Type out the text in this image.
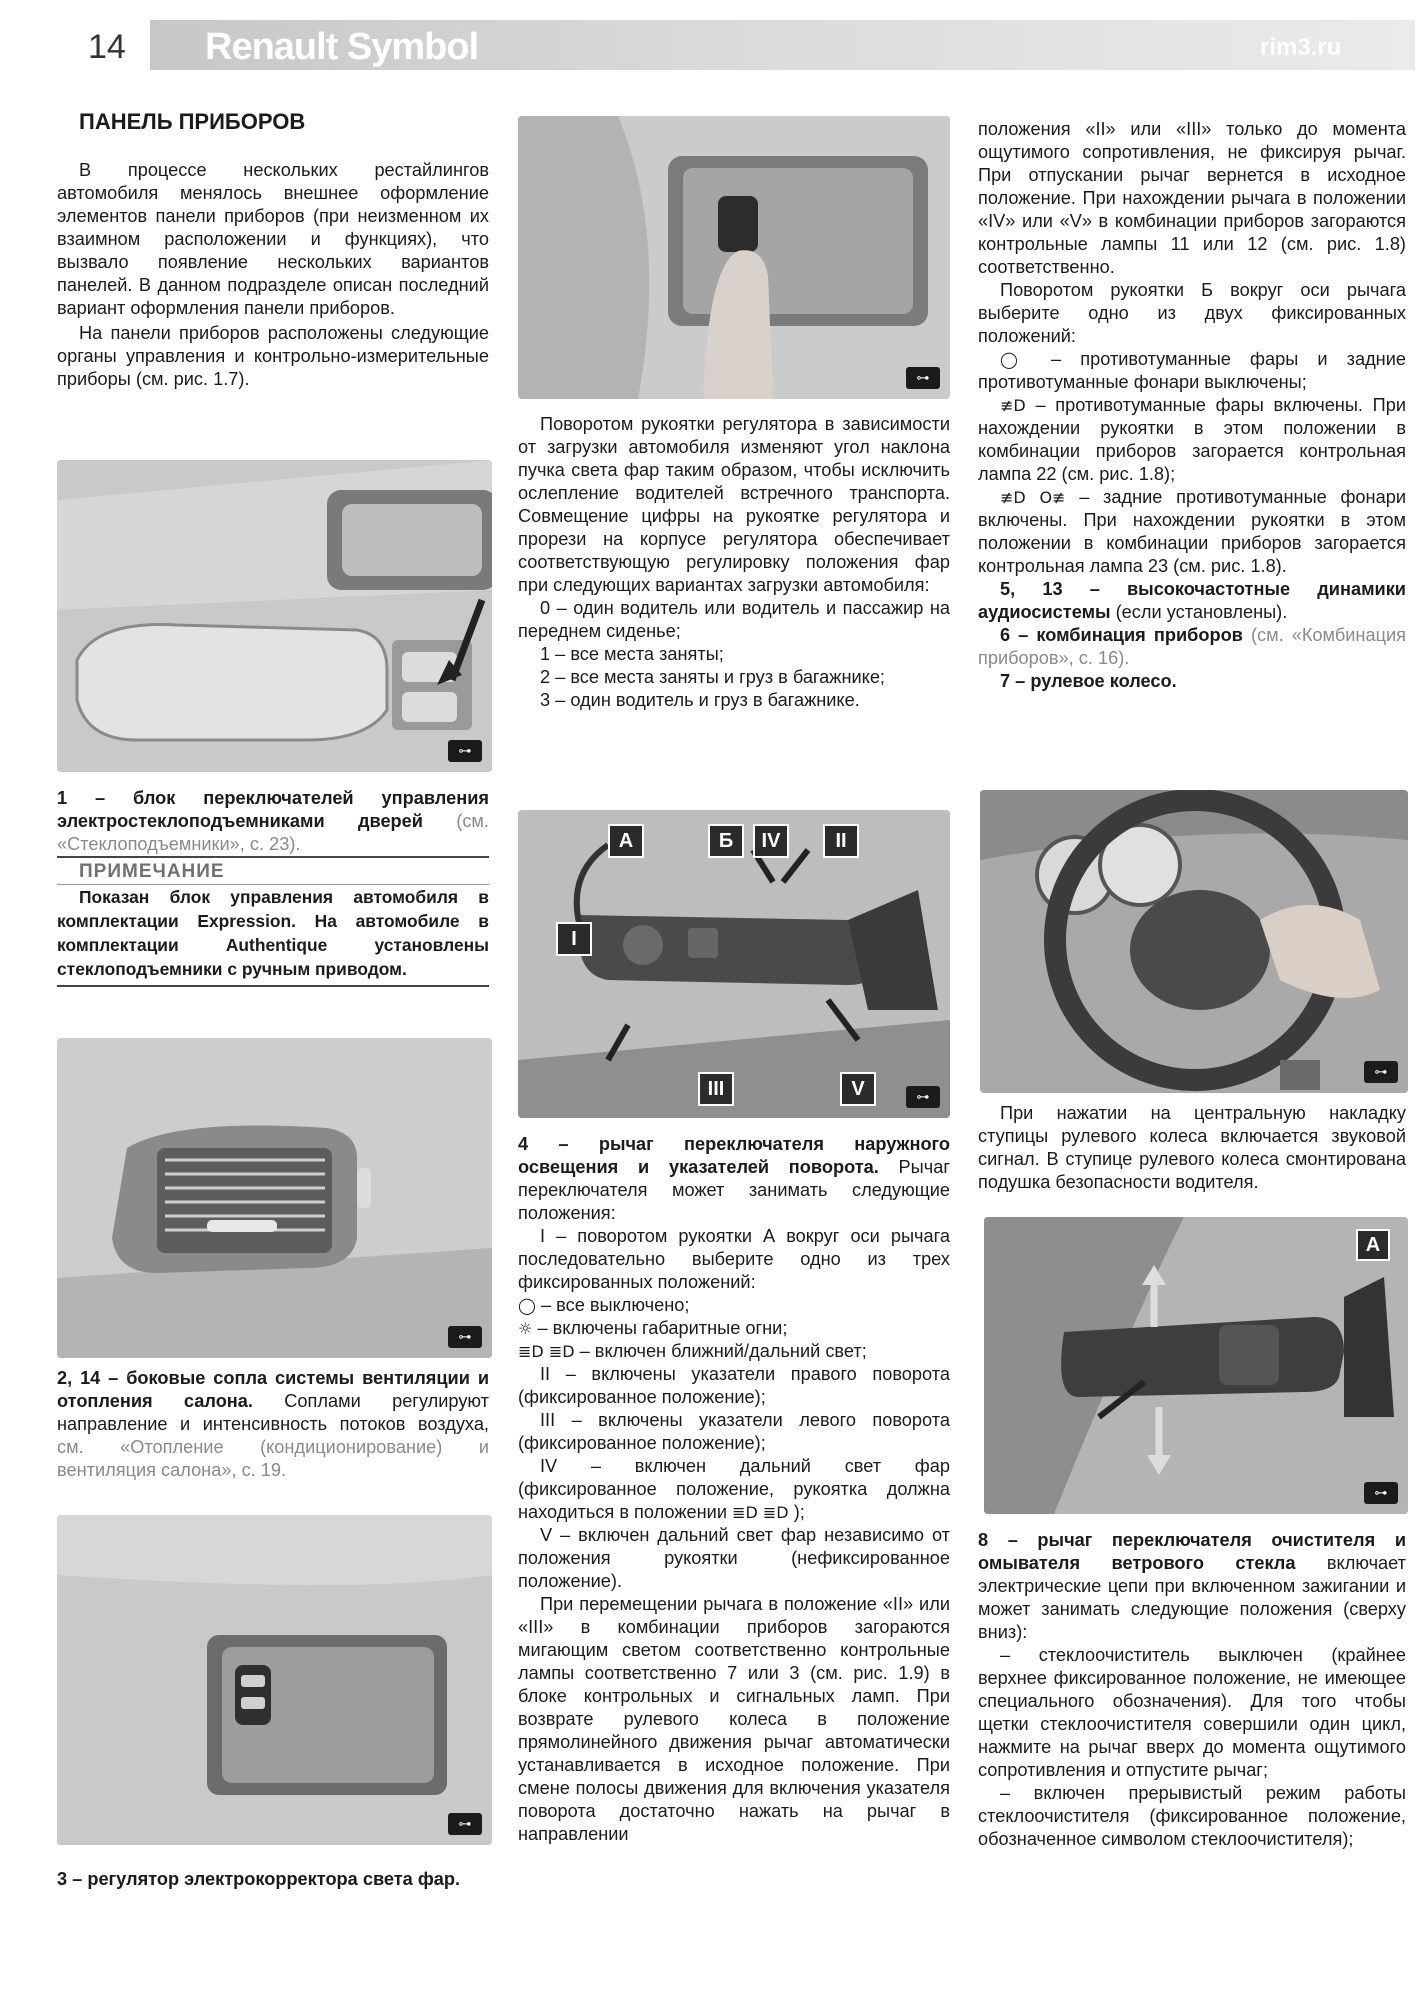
14 Renault Symbol	rim3.ru

ПАНЕЛЬ ПРИБОРОВ

В процессе нескольких рестайлингов автомобиля менялось внешнее оформление элементов панели приборов (при неизменном их взаимном расположении и функциях), что вызвало появление нескольких вариантов панелей. В данном подразделе описан последний вариант оформления панели приборов.

На панели приборов расположены следующие органы управления и контрольно-измерительные приборы (см. рис. 1.7).

⊶

1 – блок переключателей управления электростеклоподъемниками дверей (см. «Стеклоподъемники», с. 23).

ПРИМЕЧАНИЕ

Показан блок управления автомобиля в комплектации Expression. На автомобиле в комплектации Authentique установлены стеклоподъемники с ручным приводом.

⊶

2, 14 – боковые сопла системы вентиляции и отопления салона. Соплами регулируют направление и интенсивность потоков воздуха, см. «Отопление (кондиционирование) и вентиляция салона», с. 19.

⊶

3 – регулятор электрокорректора света фар.

⊶

Поворотом рукоятки регулятора в зависимости от загрузки автомобиля изменяют угол наклона пучка света фар таким образом, чтобы исключить ослепление водителей встречного транспорта. Совмещение цифры на рукоятке регулятора и прорези на корпусе регулятора обеспечивает соответствующую регулировку положения фар при следующих вариантах загрузки автомобиля:

0 – один водитель или водитель и пассажир на переднем сиденье;

1 – все места заняты;

2 – все места заняты и груз в багажнике;

3 – один водитель и груз в багажнике.

А	Б	IV	II
I
III	V	⊶

4 – рычаг переключателя наружного освещения и указателей поворота. Рычаг переключателя может занимать следующие положения:

I – поворотом рукоятки А вокруг оси рычага последовательно выберите одно из трех фиксированных положений:

◯ – все выключено;

☼ – включены габаритные огни;

≣D ≣D – включен ближний/дальний свет;

II – включены указатели правого поворота (фиксированное положение);

III – включены указатели левого поворота (фиксированное положение);

IV – включен дальний свет фар (фиксированное положение, рукоятка должна находиться в положении ≣D ≣D );

V – включен дальний свет фар независимо от положения рукоятки (нефиксированное положение).

При перемещении рычага в положение «II» или «III» в комбинации приборов загораются мигающим светом соответственно контрольные лампы соответственно 7 или 3 (см. рис. 1.9) в блоке контрольных и сигнальных ламп. При возврате рулевого колеса в положение прямолинейного движения рычаг автоматически устанавливается в исходное положение. При смене полосы движения для включения указателя поворота достаточно нажать на рычаг в направлении

положения «II» или «III» только до момента ощутимого сопротивления, не фиксируя рычаг. При отпускании рычаг вернется в исходное положение. При нахождении рычага в положении «IV» или «V» в комбинации приборов загораются контрольные лампы 11 или 12 (см. рис. 1.8) соответственно.

Поворотом рукоятки Б вокруг оси рычага выберите одно из двух фиксированных положений:

◯ – противотуманные фары и задние противотуманные фонари выключены;

≢D – противотуманные фары включены. При нахождении рукоятки в этом положении в комбинации приборов загорается контрольная лампа 22 (см. рис. 1.8);

≢D O≢ – задние противотуманные фонари включены. При нахождении рукоятки в этом положении в комбинации приборов загорается контрольная лампа 23 (см. рис. 1.8).

5, 13 – высокочастотные динамики аудиосистемы (если установлены).

6 – комбинация приборов (см. «Комбинация приборов», с. 16).

7 – рулевое колесо.

⊶

При нажатии на центральную накладку ступицы рулевого колеса включается звуковой сигнал. В ступице рулевого колеса смонтирована подушка безопасности водителя.

A
⊶

8 – рычаг переключателя очистителя и омывателя ветрового стекла включает электрические цепи при включенном зажигании и может занимать следующие положения (сверху вниз):

– стеклоочиститель выключен (крайнее верхнее фиксированное положение, не имеющее специального обозначения). Для того чтобы щетки стеклоочистителя совершили один цикл, нажмите на рычаг вверх до момента ощутимого сопротивления и отпустите рычаг;

– включен прерывистый режим работы стеклоочистителя (фиксированное положение, обозначенное символом стеклоочистителя);
